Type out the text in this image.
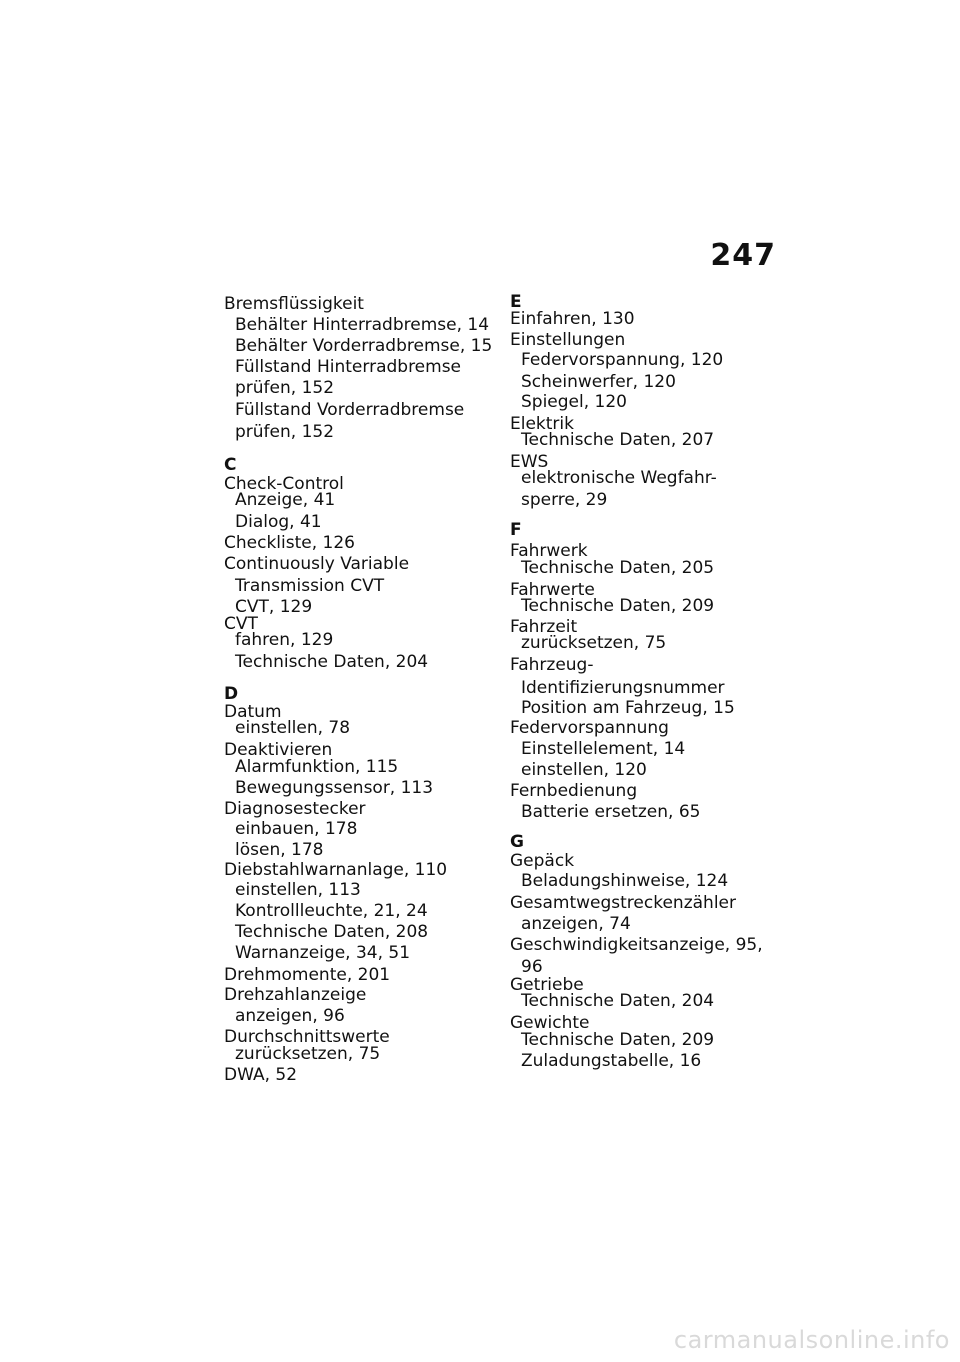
247
Bremsflüssigkeit
Behälter Hinterradbremse, 14
Behälter Vorderradbremse, 15
Füllstand Hinterradbremse
prüfen, 152
Füllstand Vorderradbremse
prüfen, 152
C
Check-Control
Anzeige, 41
Dialog, 41
Checkliste, 126
Continuously Variable
Transmission CVT
CVT, 129
CVT
fahren, 129
Technische Daten, 204
D
Datum
einstellen, 78
Deaktivieren
Alarmfunktion, 115
Bewegungssensor, 113
Diagnosestecker
einbauen, 178
lösen, 178
Diebstahlwarnanlage, 110
einstellen, 113
Kontrollleuchte, 21, 24
Technische Daten, 208
Warnanzeige, 34, 51
Drehmomente, 201
Drehzahlanzeige
anzeigen, 96
Durchschnittswerte
zurücksetzen, 75
DWA, 52
E
Einfahren, 130
Einstellungen
Federvorspannung, 120
Scheinwerfer, 120
Spiegel, 120
Elektrik
Technische Daten, 207
EWS
elektronische Wegfahr-
sperre, 29
F
Fahrwerk
Technische Daten, 205
Fahrwerte
Technische Daten, 209
Fahrzeit
zurücksetzen, 75
Fahrzeug-
Identifizierungsnummer
Position am Fahrzeug, 15
Federvorspannung
Einstellelement, 14
einstellen, 120
Fernbedienung
Batterie ersetzen, 65
G
Gepäck
Beladungshinweise, 124
Gesamtwegstreckenzähler
anzeigen, 74
Geschwindigkeitsanzeige, 95,
96
Getriebe
Technische Daten, 204
Gewichte
Technische Daten, 209
Zuladungstabelle, 16
carmanualsonline.info
